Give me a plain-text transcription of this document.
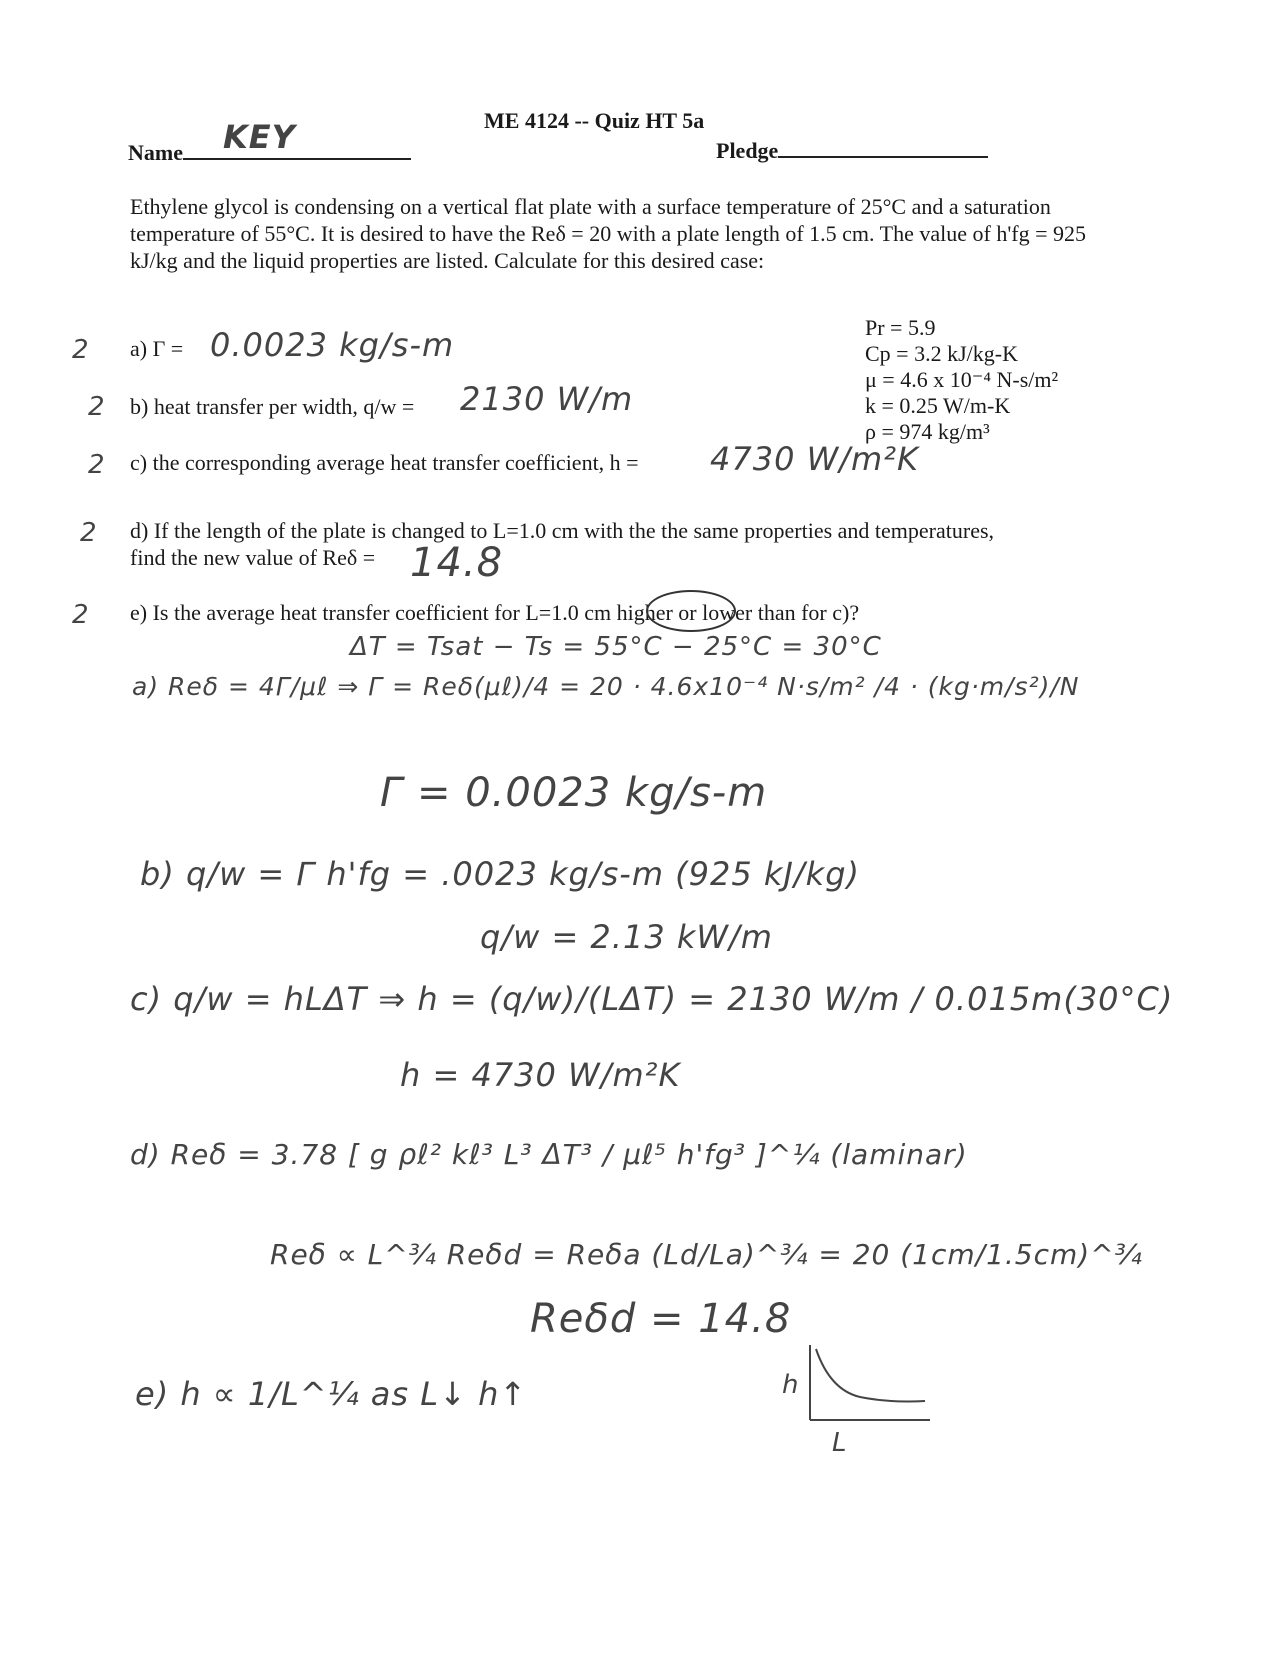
ME 4124 -- Quiz HT 5a
Name KEY	Pledge
Ethylene glycol is condensing on a vertical flat plate with a surface temperature of 25°C and a saturation temperature of 55°C. It is desired to have the Reδ = 20 with a plate length of 1.5 cm. The value of h'fg = 925 kJ/kg and the liquid properties are listed. Calculate for this desired case:
Pr = 5.9
Cp = 3.2 kJ/kg-K
μ = 4.6 x 10⁻⁴ N-s/m²
k = 0.25 W/m-K
ρ = 974 kg/m³
2 a) Γ = 0.0023 kg/s-m
2 b) heat transfer per width, q/w = 2130 W/m
2 c) the corresponding average heat transfer coefficient, h = 4730 W/m²K
2 d) If the length of the plate is changed to L=1.0 cm with the the same properties and temperatures,
find the new value of Reδ = 14.8
2 e) Is the average heat transfer coefficient for L=1.0 cm higher or lower than for c)?
ΔT = Tsat − Ts = 55°C − 25°C = 30°C
a) Reδ = 4Γ/μℓ ⇒ Γ = Reδ(μℓ)/4 = 20 · 4.6x10⁻⁴ N·s/m² /4 · (kg·m/s²)/N
Γ = 0.0023 kg/s-m
b) q/w = Γ h'fg = .0023 kg/s-m (925 kJ/kg)
q/w = 2.13 kW/m
c) q/w = hLΔT ⇒ h = (q/w)/(LΔT) = 2130 W/m / 0.015m(30°C)
h = 4730 W/m²K
d) Reδ = 3.78 [ g ρℓ² kℓ³ L³ ΔT³ / μℓ⁵ h'fg³ ]^¼ (laminar)
Reδ ∝ L^¾ Reδd = Reδa (Ld/La)^¾ = 20 (1cm/1.5cm)^¾
Reδd = 14.8
e) h ∝ 1/L^¼ as L↓ h↑	h
L
